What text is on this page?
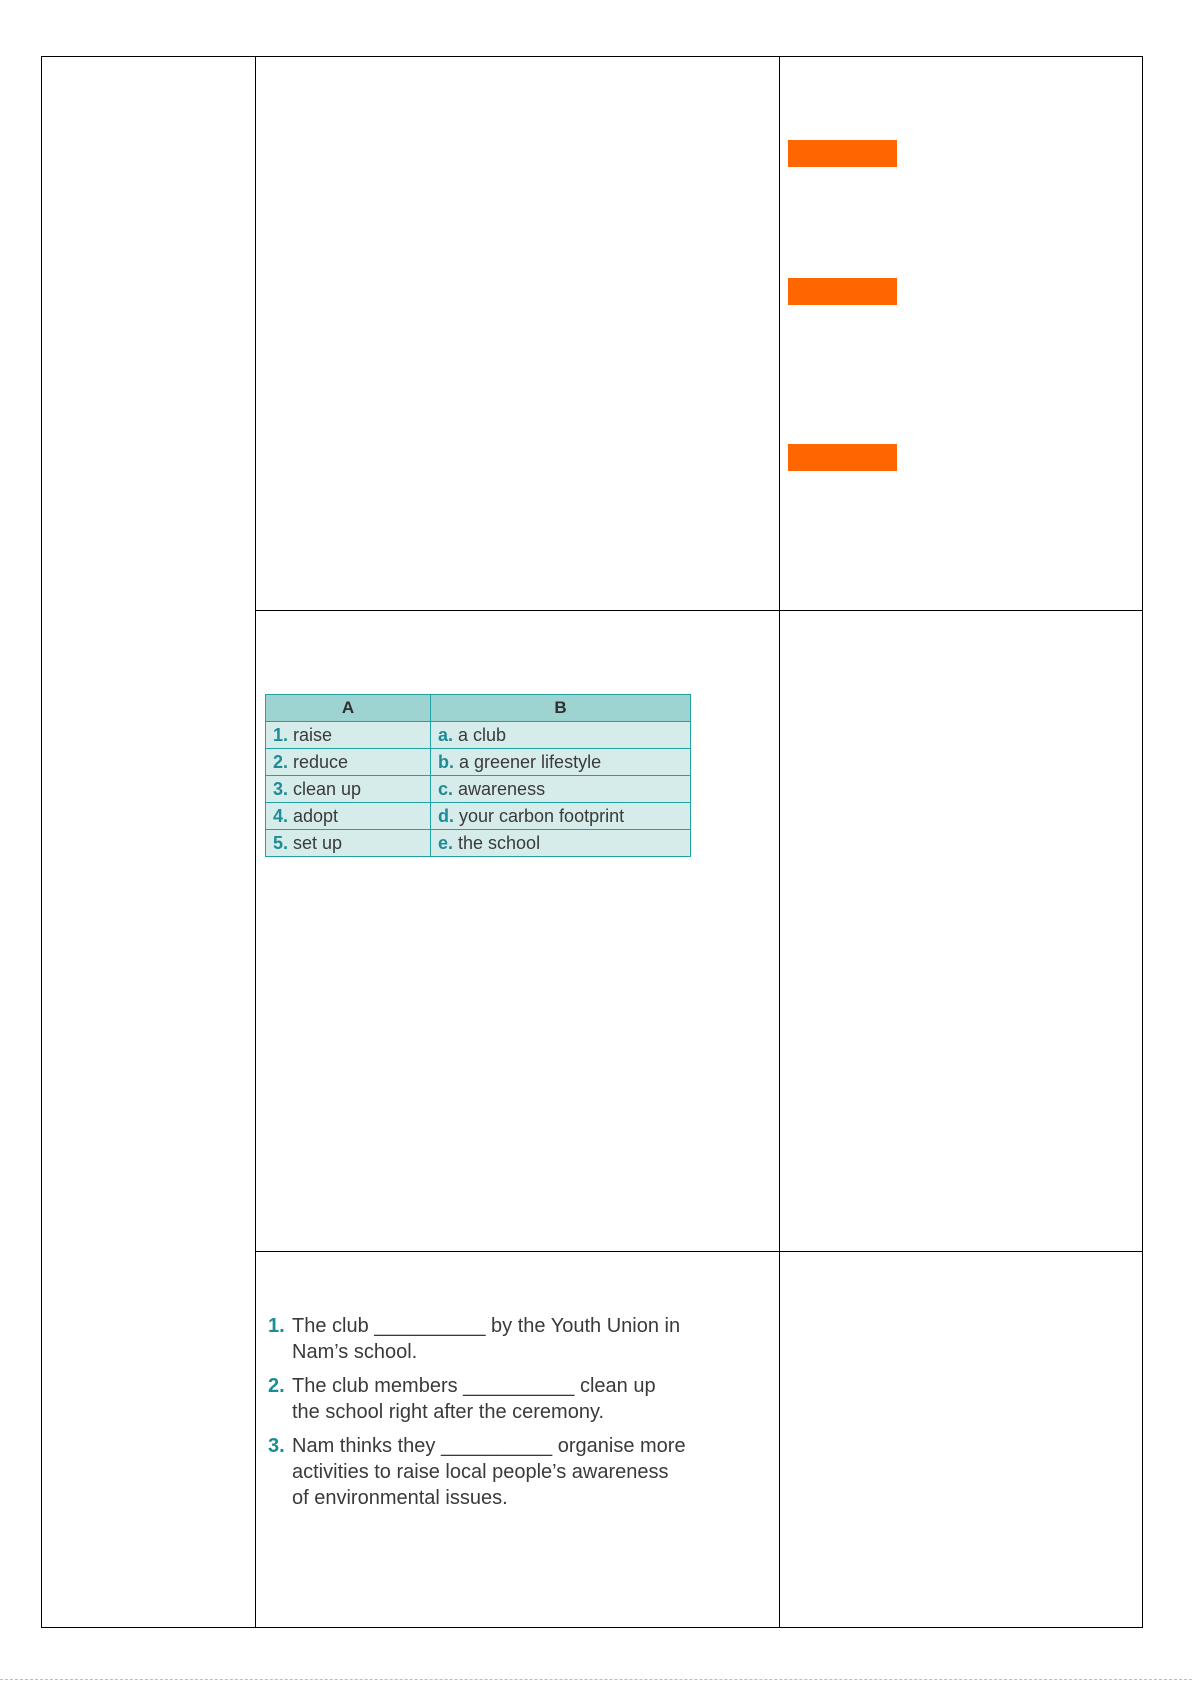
A	B
1. raise	a. a club
2. reduce	b. a greener lifestyle
3. clean up	c. awareness
4. adopt	d. your carbon footprint
5. set up	e. the school
1. The club __________ by the Youth Union in Nam’s school.
2. The club members __________ clean up the school right after the ceremony.
3. Nam thinks they __________ organise more activities to raise local people’s awareness of environmental issues.
